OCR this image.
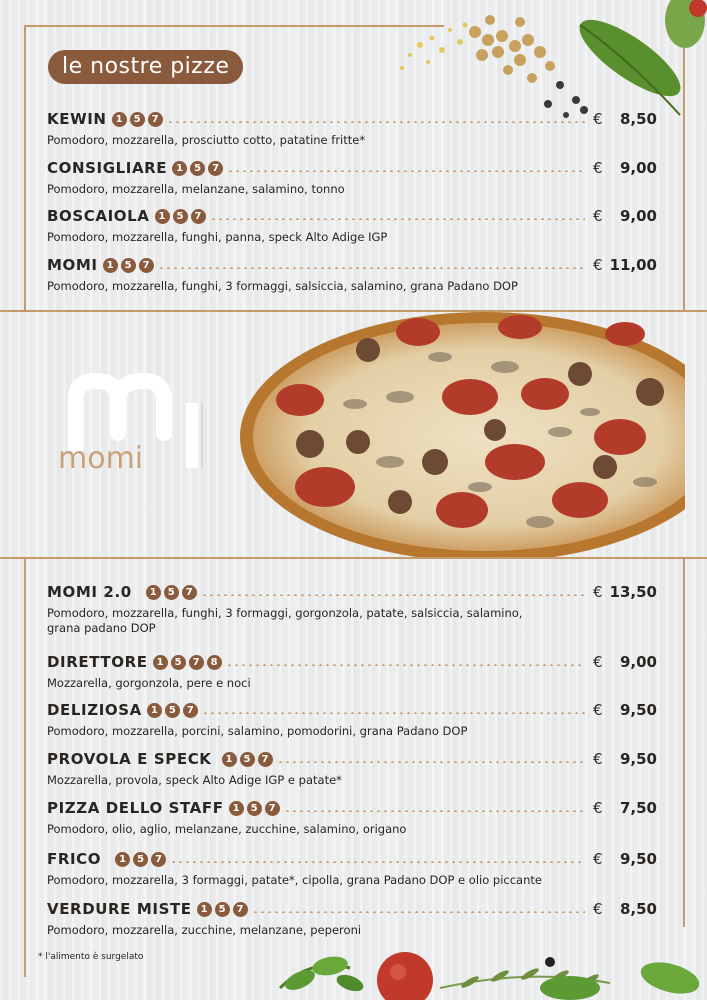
le nostre pizze
KEWIN 1	5	7	€	8,50
Pomodoro, mozzarella, prosciutto cotto, patatine fritte*
CONSIGLIARE 1	5	7	€	9,00
Pomodoro, mozzarella, melanzane, salamino, tonno
BOSCAIOLA 1	5	7	€	9,00
Pomodoro, mozzarella, funghi, panna, speck Alto Adige IGP
MOMI 1	5	7	€ 11,00
Pomodoro, mozzarella, funghi, 3 formaggi, salsiccia, salamino, grana Padano DOP
momi
MOMI 2.0	1	5	7	€ 13,50
Pomodoro, mozzarella, funghi, 3 formaggi, gorgonzola, patate, salsiccia, salamino, grana padano DOP
DIRETTORE 1	5	7	8	€	9,00
Mozzarella, gorgonzola, pere e noci
DELIZIOSA 1	5	7	€	9,50
Pomodoro, mozzarella, porcini, salamino, pomodorini, grana Padano DOP
PROVOLA E SPECK	1	5	7	€	9,50
Mozzarella, provola, speck Alto Adige IGP e patate*
PIZZA DELLO STAFF 1	5	7	€	7,50
Pomodoro, olio, aglio, melanzane, zucchine, salamino, origano
FRICO	1	5	7	€	9,50
Pomodoro, mozzarella, 3 formaggi, patate*, cipolla, grana Padano DOP e olio piccante
VERDURE MISTE 1	5	7	€	8,50
Pomodoro, mozzarella, zucchine, melanzane, peperoni
* l'alimento è surgelato
